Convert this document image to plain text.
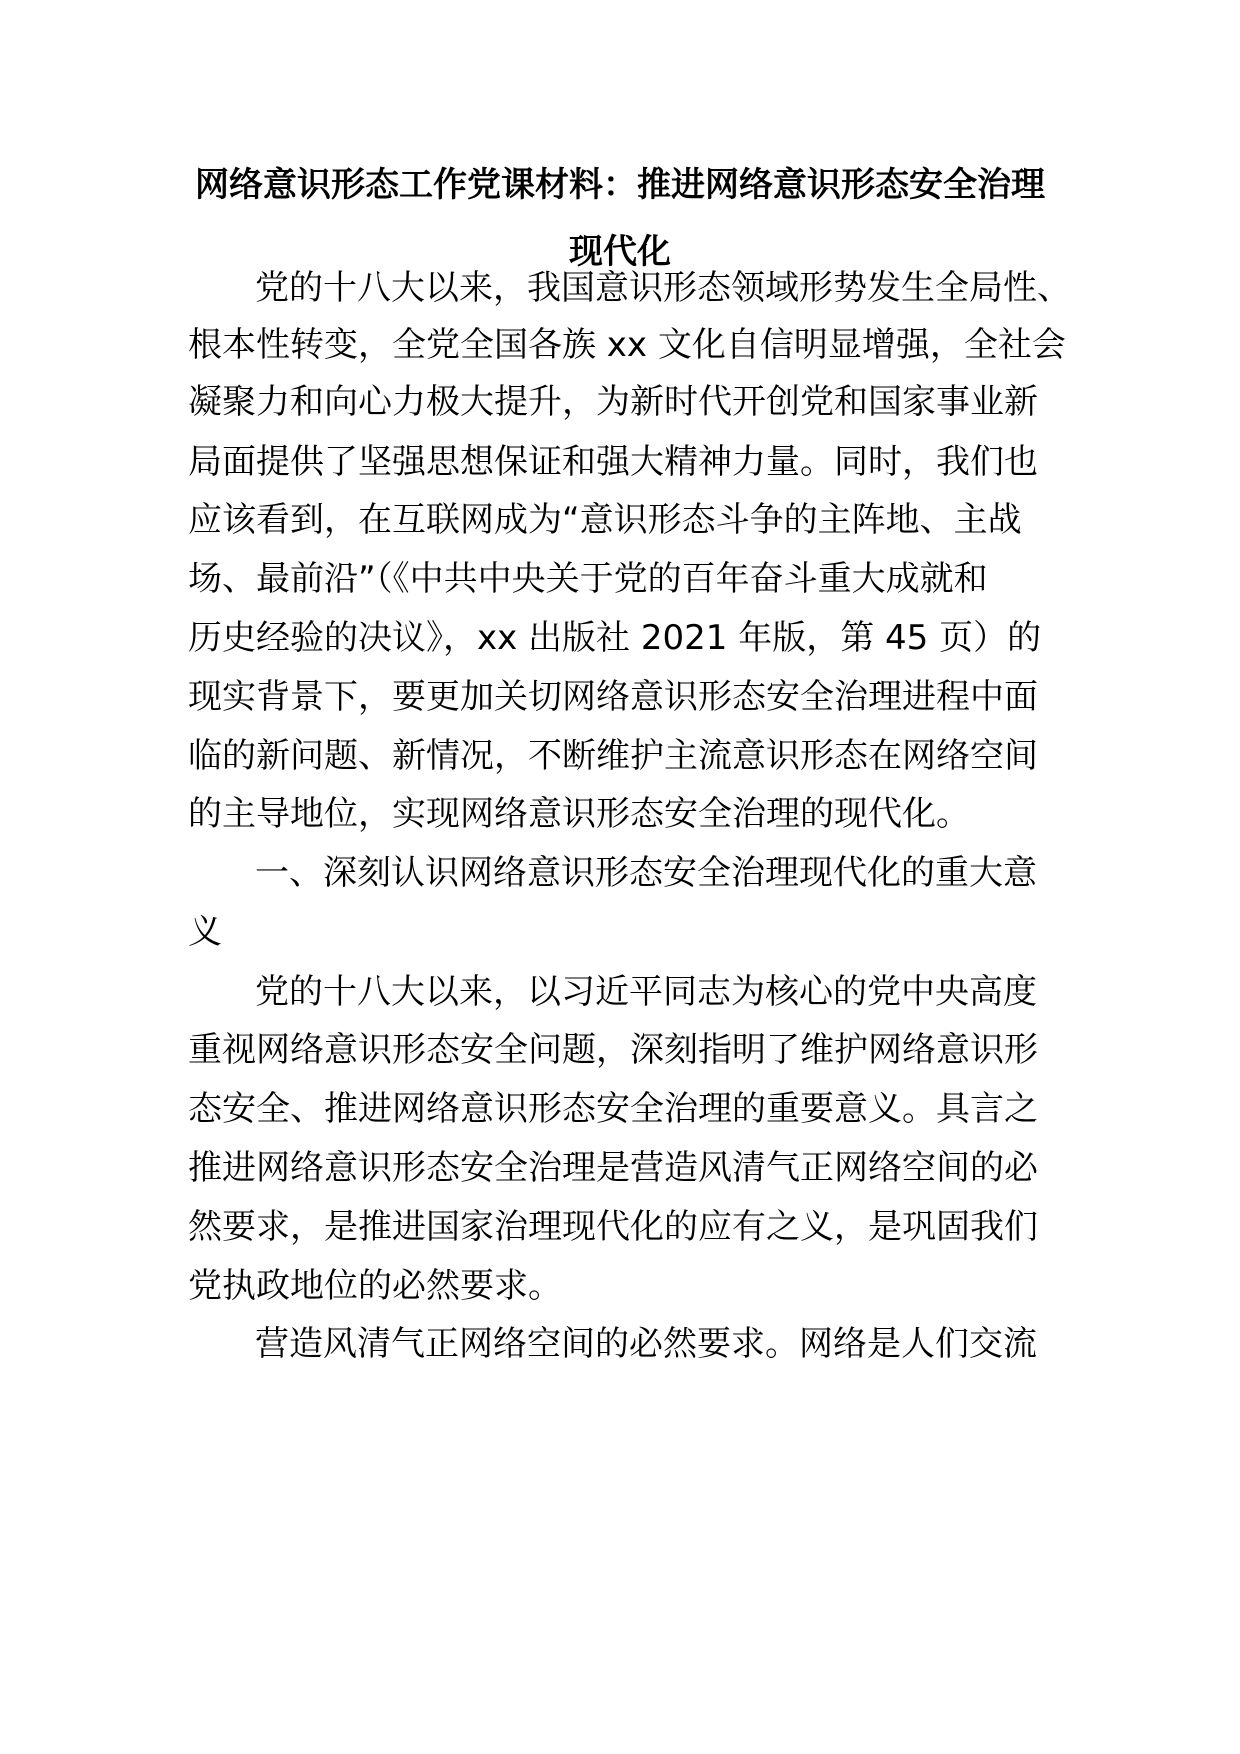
网络意识形态工作党课材料：推进网络意识形态安全治理
现代化
党的十八大以来，我国意识形态领域形势发生全局性、
根本性转变，全党全国各族 xx 文化自信明显增强，全社会
凝聚力和向心力极大提升，为新时代开创党和国家事业新
局面提供了坚强思想保证和强大精神力量。同时，我们也
应该看到，在互联网成为“意识形态斗争的主阵地、主战
场、最前沿”（《中共中央关于党的百年奋斗重大成就和
历史经验的决议》，xx 出版社 2021 年版，第 45 页）的
现实背景下，要更加关切网络意识形态安全治理进程中面
临的新问题、新情况，不断维护主流意识形态在网络空间
的主导地位，实现网络意识形态安全治理的现代化。
一、深刻认识网络意识形态安全治理现代化的重大意
义
党的十八大以来，以习近平同志为核心的党中央高度
重视网络意识形态安全问题，深刻指明了维护网络意识形
态安全、推进网络意识形态安全治理的重要意义。具言之
推进网络意识形态安全治理是营造风清气正网络空间的必
然要求，是推进国家治理现代化的应有之义，是巩固我们
党执政地位的必然要求。
营造风清气正网络空间的必然要求。网络是人们交流
